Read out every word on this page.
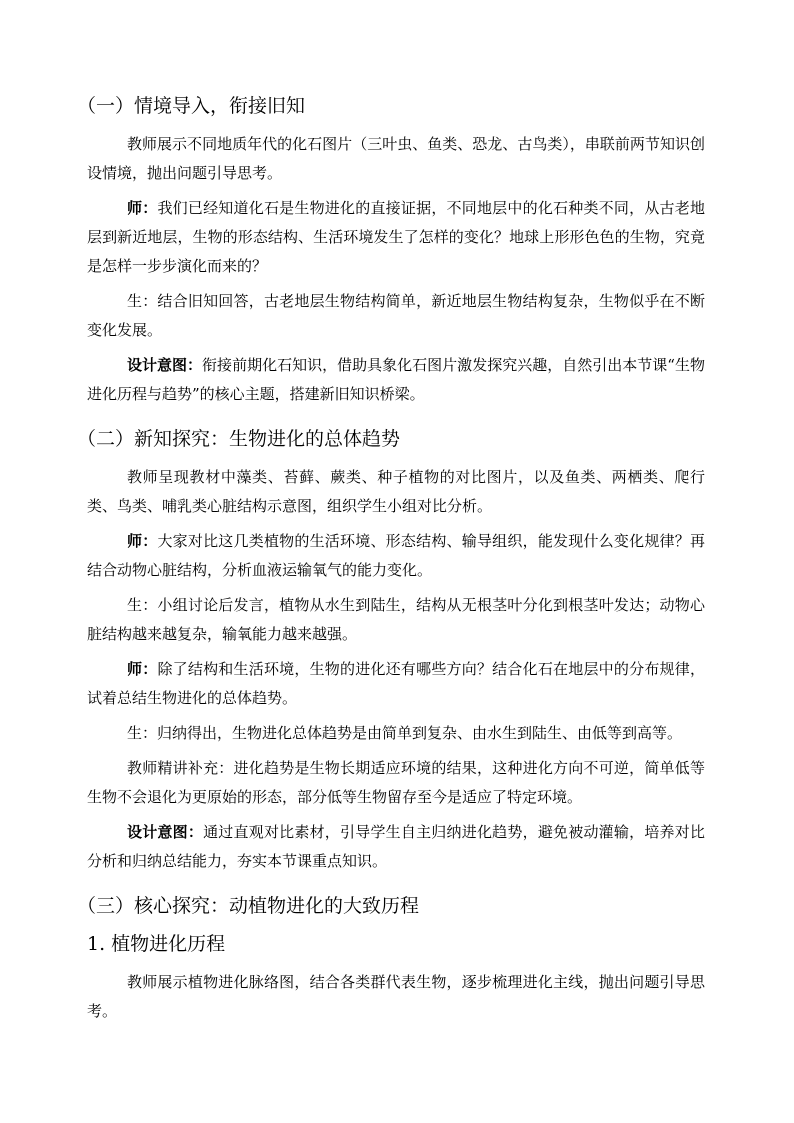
（一）情境导入，衔接旧知

教师展示不同地质年代的化石图片（三叶虫、鱼类、恐龙、古鸟类），串联前两节知识创设情境，抛出问题引导思考。

师：我们已经知道化石是生物进化的直接证据，不同地层中的化石种类不同，从古老地层到新近地层，生物的形态结构、生活环境发生了怎样的变化？地球上形形色色的生物，究竟是怎样一步步演化而来的？

生：结合旧知回答，古老地层生物结构简单，新近地层生物结构复杂，生物似乎在不断变化发展。

设计意图：衔接前期化石知识，借助具象化石图片激发探究兴趣，自然引出本节课“生物进化历程与趋势”的核心主题，搭建新旧知识桥梁。

（二）新知探究：生物进化的总体趋势

教师呈现教材中藻类、苔藓、蕨类、种子植物的对比图片，以及鱼类、两栖类、爬行类、鸟类、哺乳类心脏结构示意图，组织学生小组对比分析。

师：大家对比这几类植物的生活环境、形态结构、输导组织，能发现什么变化规律？再结合动物心脏结构，分析血液运输氧气的能力变化。

生：小组讨论后发言，植物从水生到陆生，结构从无根茎叶分化到根茎叶发达；动物心脏结构越来越复杂，输氧能力越来越强。

师：除了结构和生活环境，生物的进化还有哪些方向？结合化石在地层中的分布规律，试着总结生物进化的总体趋势。

生：归纳得出，生物进化总体趋势是由简单到复杂、由水生到陆生、由低等到高等。

教师精讲补充：进化趋势是生物长期适应环境的结果，这种进化方向不可逆，简单低等生物不会退化为更原始的形态，部分低等生物留存至今是适应了特定环境。

设计意图：通过直观对比素材，引导学生自主归纳进化趋势，避免被动灌输，培养对比分析和归纳总结能力，夯实本节课重点知识。

（三）核心探究：动植物进化的大致历程
1. 植物进化历程

教师展示植物进化脉络图，结合各类群代表生物，逐步梳理进化主线，抛出问题引导思考。
